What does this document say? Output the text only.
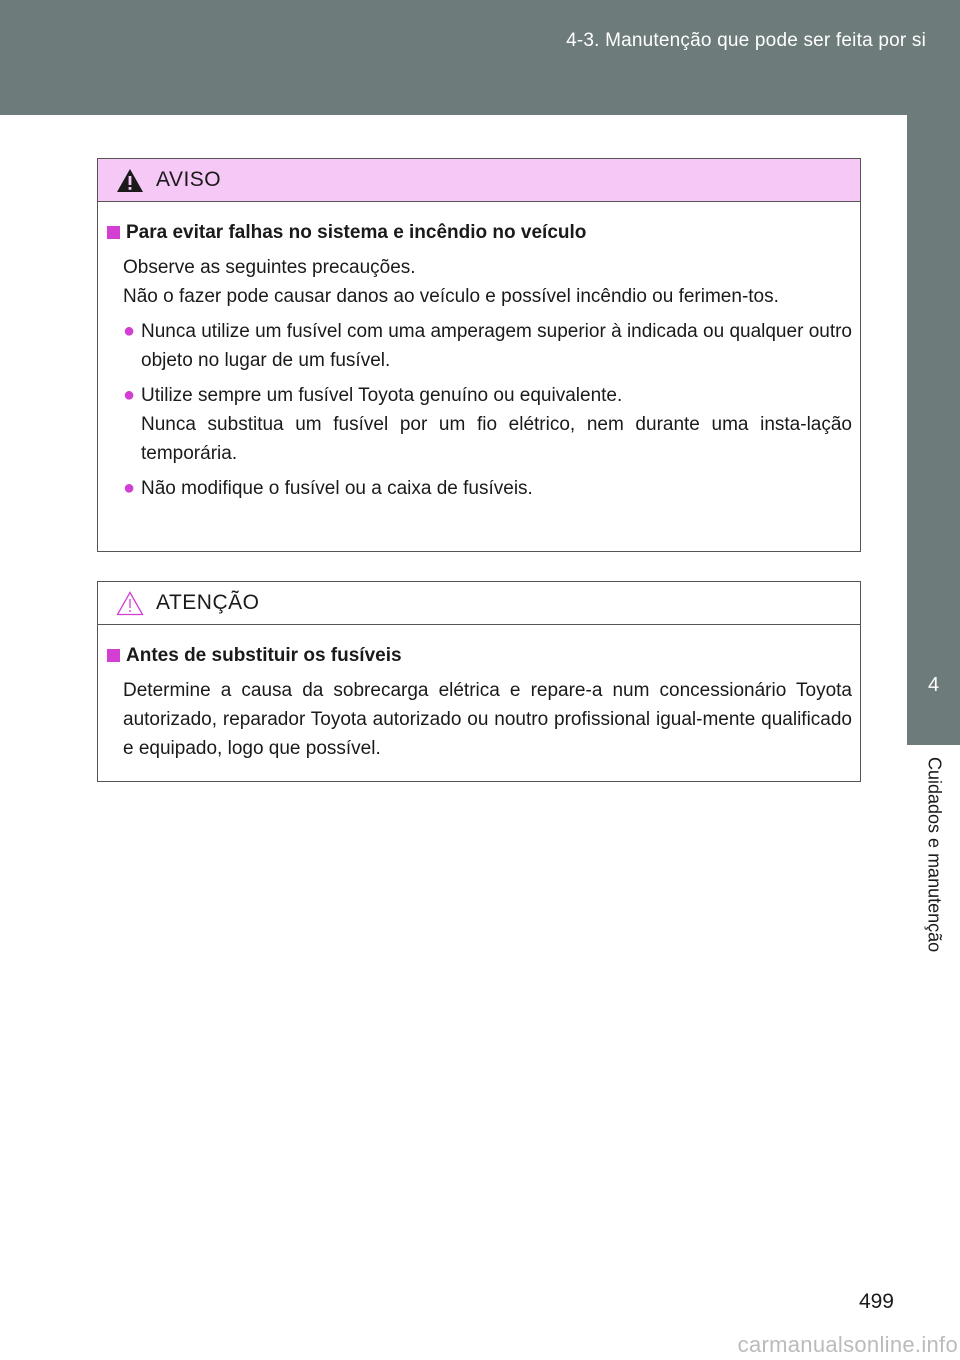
4-3. Manutenção que pode ser feita por si
4
Cuidados e manutenção
AVISO
Para evitar falhas no sistema e incêndio no veículo
Observe as seguintes precauções.
Não o fazer pode causar danos ao veículo e possível incêndio ou ferimen-tos.
● Nunca utilize um fusível com uma amperagem superior à indicada ou qualquer outro objeto no lugar de um fusível.
● Utilize sempre um fusível Toyota genuíno ou equivalente.
Nunca substitua um fusível por um fio elétrico, nem durante uma insta-lação temporária.
● Não modifique o fusível ou a caixa de fusíveis.
ATENÇÃO
Antes de substituir os fusíveis
Determine a causa da sobrecarga elétrica e repare-a num concessionário Toyota autorizado, reparador Toyota autorizado ou noutro profissional igual-mente qualificado e equipado, logo que possível.
499
carmanualsonline.info
